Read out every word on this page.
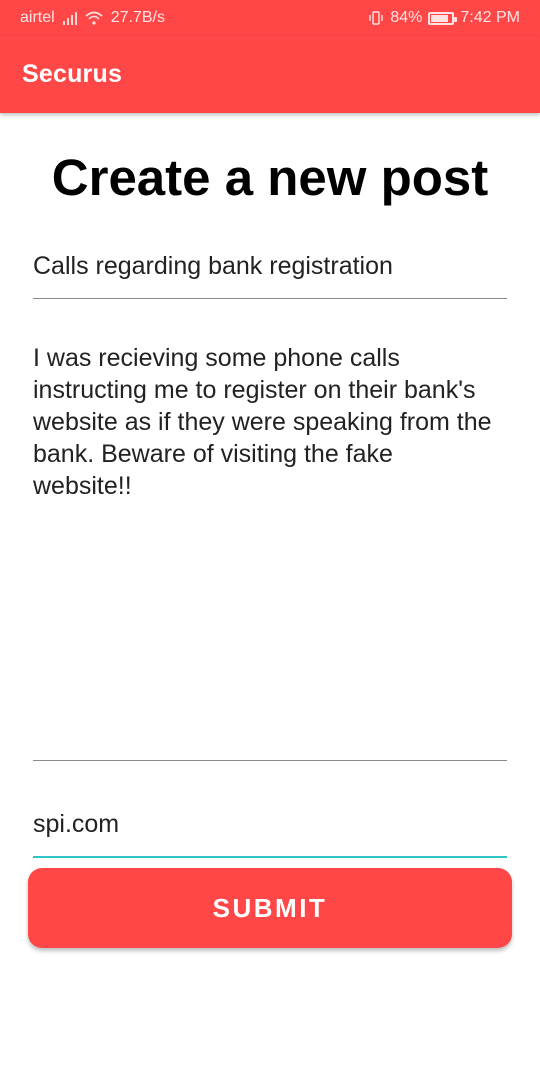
airtel	27.7B/s	84% 7:42 PM
Securus
Create a new post
Calls regarding bank registration
I was recieving some phone calls instructing me to register on their bank's website as if they were speaking from the bank. Beware of visiting the fake website!!
spi.com
SUBMIT
